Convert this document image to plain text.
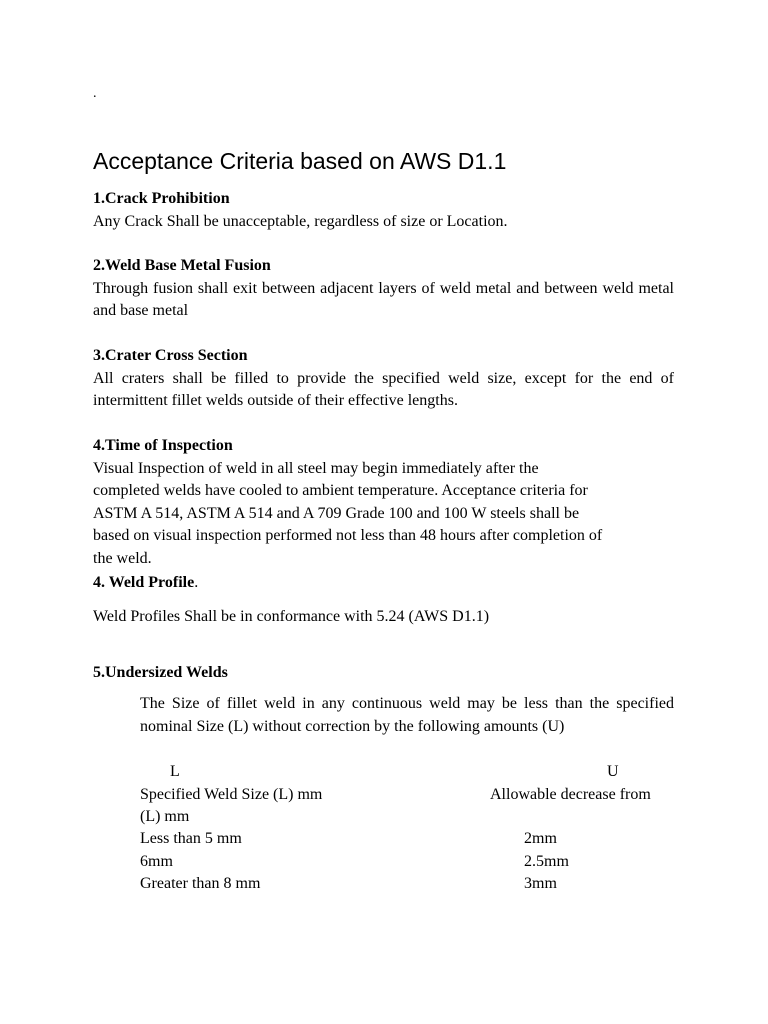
.
Acceptance Criteria based on AWS D1.1
1.Crack Prohibition

Any Crack Shall be unacceptable, regardless of size or Location.

2.Weld Base Metal Fusion

Through fusion shall exit between adjacent layers of weld metal and between weld metal and base metal

3.Crater Cross Section

All craters shall be filled to provide the specified weld size, except for the end of intermittent fillet welds outside of their effective lengths.

4.Time of Inspection
Visual Inspection of weld in all steel may begin immediately after the
completed welds have cooled to ambient temperature. Acceptance criteria for
ASTM A 514, ASTM A 514 and A 709 Grade 100 and 100 W steels shall be
based on visual inspection performed not less than 48 hours after completion of
the weld.
4. Weld Profile.

Weld Profiles Shall be in conformance with 5.24 (AWS D1.1)

5.Undersized Welds

The Size of fillet weld in any continuous weld may be less than the specified nominal Size (L) without correction by the following amounts (U)

L	U
Specified Weld Size (L) mm	Allowable decrease from
(L) mm
Less than 5 mm	2mm
6mm	2.5mm
Greater than 8 mm	3mm
